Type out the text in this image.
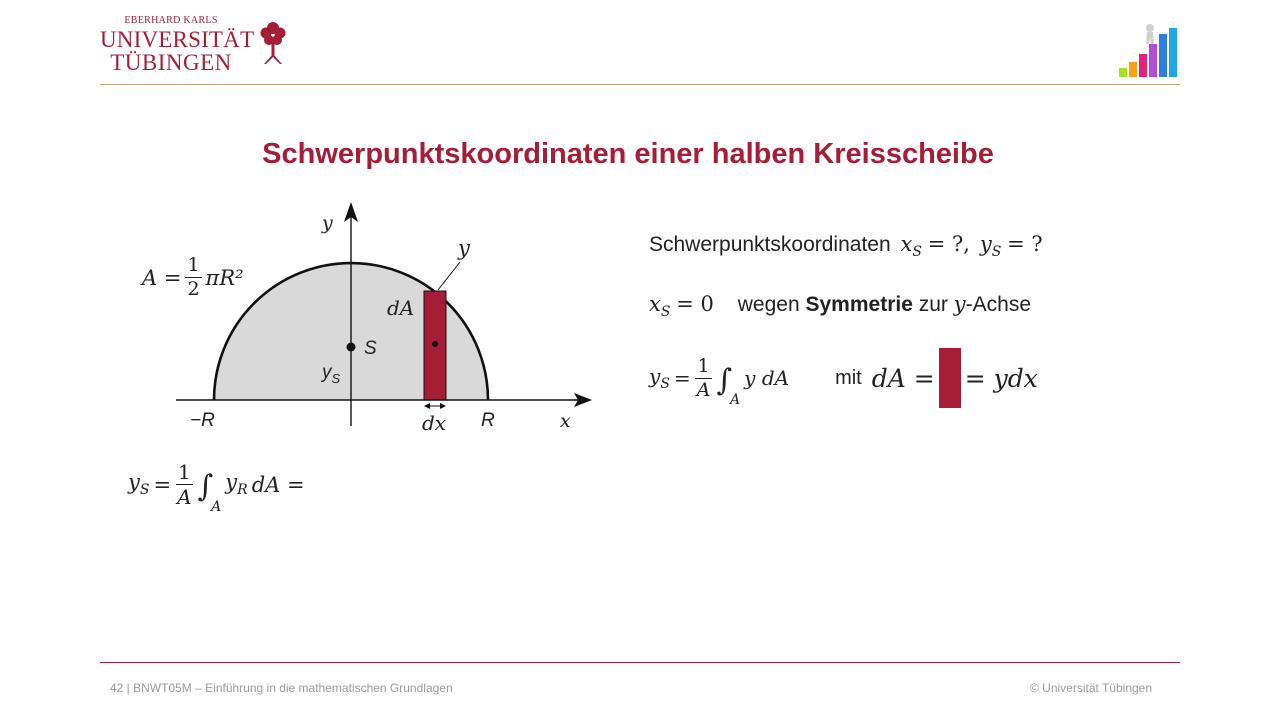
EBERHARD KARLS
UNIVERSITÄT
TÜBINGEN
Schwerpunktskoordinaten einer halben Kreisscheibe
y
x
y
dA
S
$y_S$
−R	R
dx
$A = \frac{1}{2} \pi R^2$
$y_S = \frac{1}{A}$ ∫
$_A$
$y_R$ dA =
Schwerpunktskoordinaten $x_S$ = ?, $y_S$ = ?
$x_S = 0$ wegen Symmetrie zur y-Achse
$y_S = \frac{1}{A}$ ∫
$_A$
y dA mit dA = = ydx
42 | BNWT05M – Einführung in die mathematischen Grundlagen	© Universität Tübingen
